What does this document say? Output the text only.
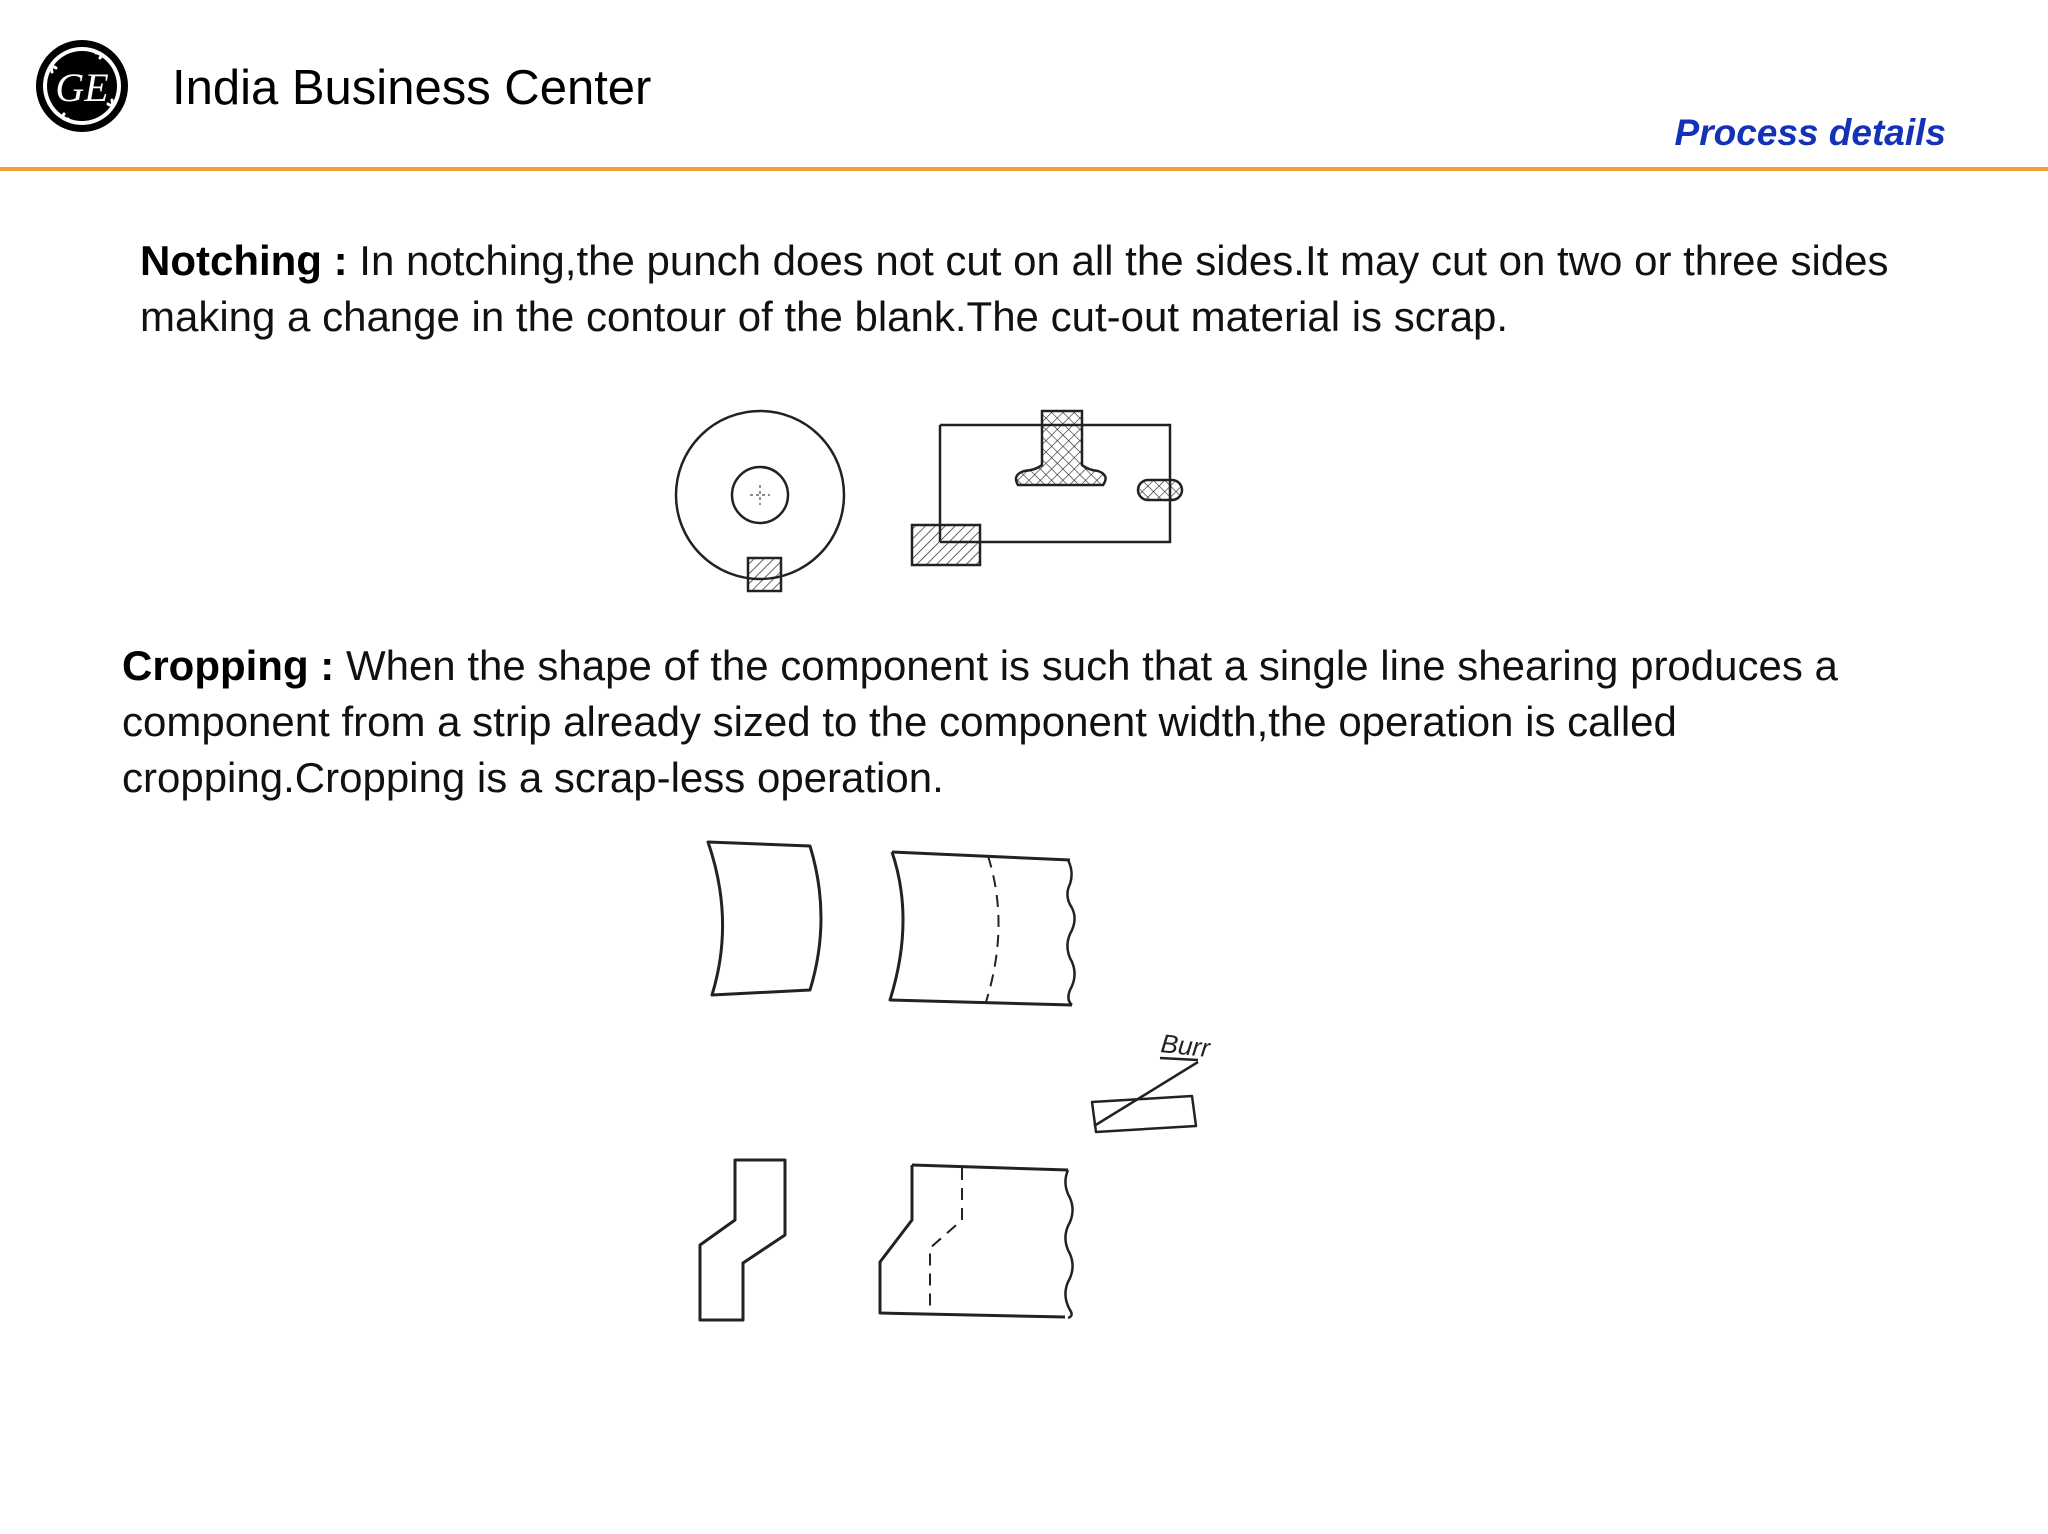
GE India Business Center
Process details
Notching : In notching,the punch does not cut on all the sides.It may cut on two or three sides making a change in the contour of the blank.The cut-out material is scrap.
Cropping : When the shape of the component is such that a single line shearing produces a component from a strip already sized to the component width,the operation is called cropping.Cropping is a scrap-less operation.
Burr
